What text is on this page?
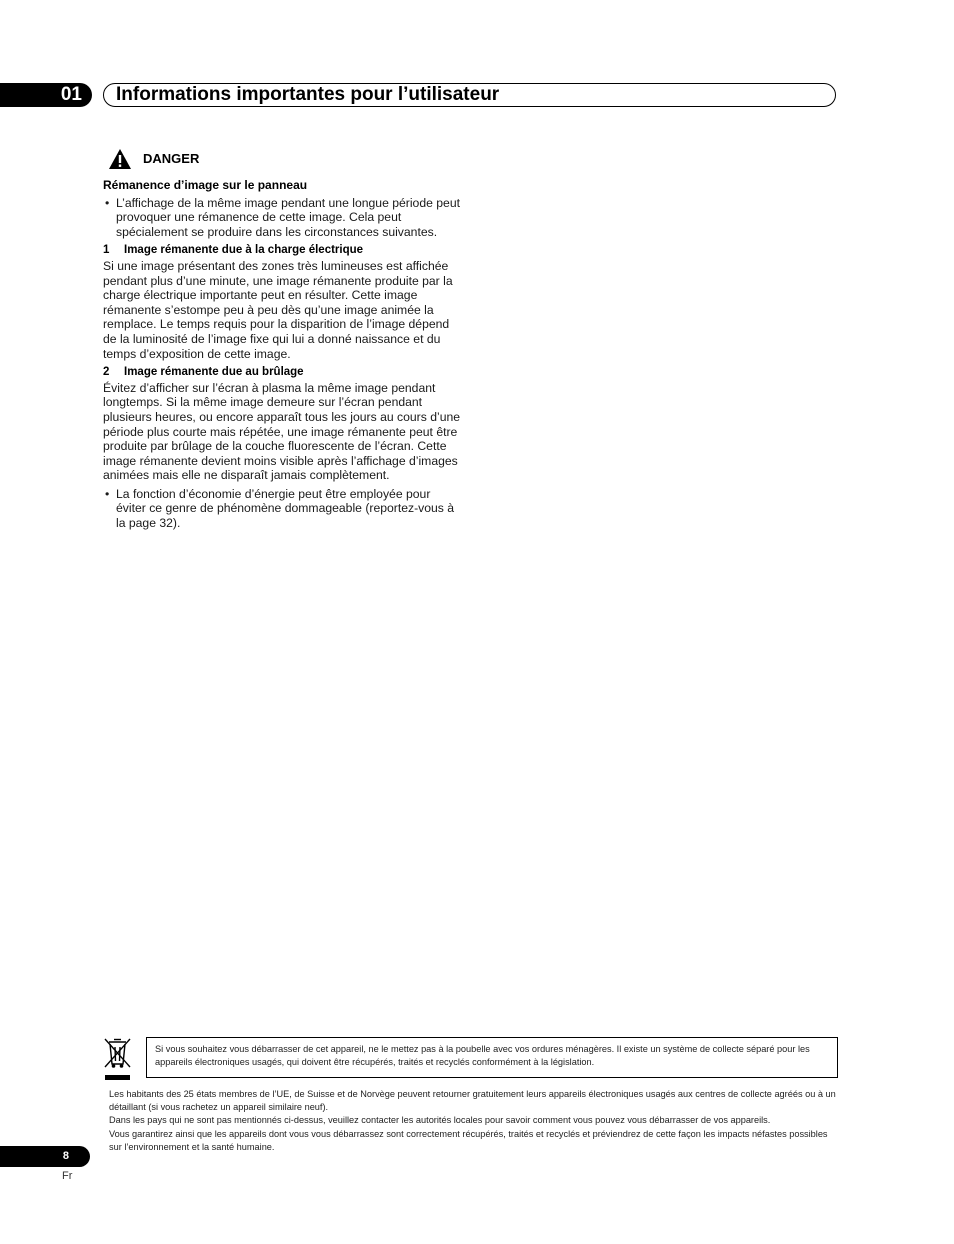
01	Informations importantes pour l’utilisateur
DANGER
Rémanence d’image sur le panneau
• L’affichage de la même image pendant une longue période peut provoquer une rémanence de cette image. Cela peut spécialement se produire dans les circonstances suivantes.
1 Image rémanente due à la charge électrique

Si une image présentant des zones très lumineuses est affichée pendant plus d’une minute, une image rémanente produite par la charge électrique importante peut en résulter. Cette image rémanente s’estompe peu à peu dès qu’une image animée la remplace. Le temps requis pour la disparition de l’image dépend de la luminosité de l’image fixe qui lui a donné naissance et du temps d’exposition de cette image.

2 Image rémanente due au brûlage

Évitez d’afficher sur l’écran à plasma la même image pendant longtemps. Si la même image demeure sur l’écran pendant plusieurs heures, ou encore apparaît tous les jours au cours d’une période plus courte mais répétée, une image rémanente peut être produite par brûlage de la couche fluorescente de l’écran. Cette image rémanente devient moins visible après l’affichage d’images animées mais elle ne disparaît jamais complètement.

• La fonction d’économie d’énergie peut être employée pour éviter ce genre de phénomène dommageable (reportez-vous à la page 32).
Si vous souhaitez vous débarrasser de cet appareil, ne le mettez pas à la poubelle avec vos ordures ménagères. Il existe un système de collecte séparé pour les appareils électroniques usagés, qui doivent être récupérés, traités et recyclés conformément à la législation.
Les habitants des 25 états membres de l’UE, de Suisse et de Norvège peuvent retourner gratuitement leurs appareils électroniques usagés aux centres de collecte agréés ou à un détaillant (si vous rachetez un appareil similaire neuf).
Dans les pays qui ne sont pas mentionnés ci-dessus, veuillez contacter les autorités locales pour savoir comment vous pouvez vous débarrasser de vos appareils.
Vous garantirez ainsi que les appareils dont vous vous débarrassez sont correctement récupérés, traités et recyclés et préviendrez de cette façon les impacts néfastes possibles sur l’environnement et la santé humaine.
8
Fr
